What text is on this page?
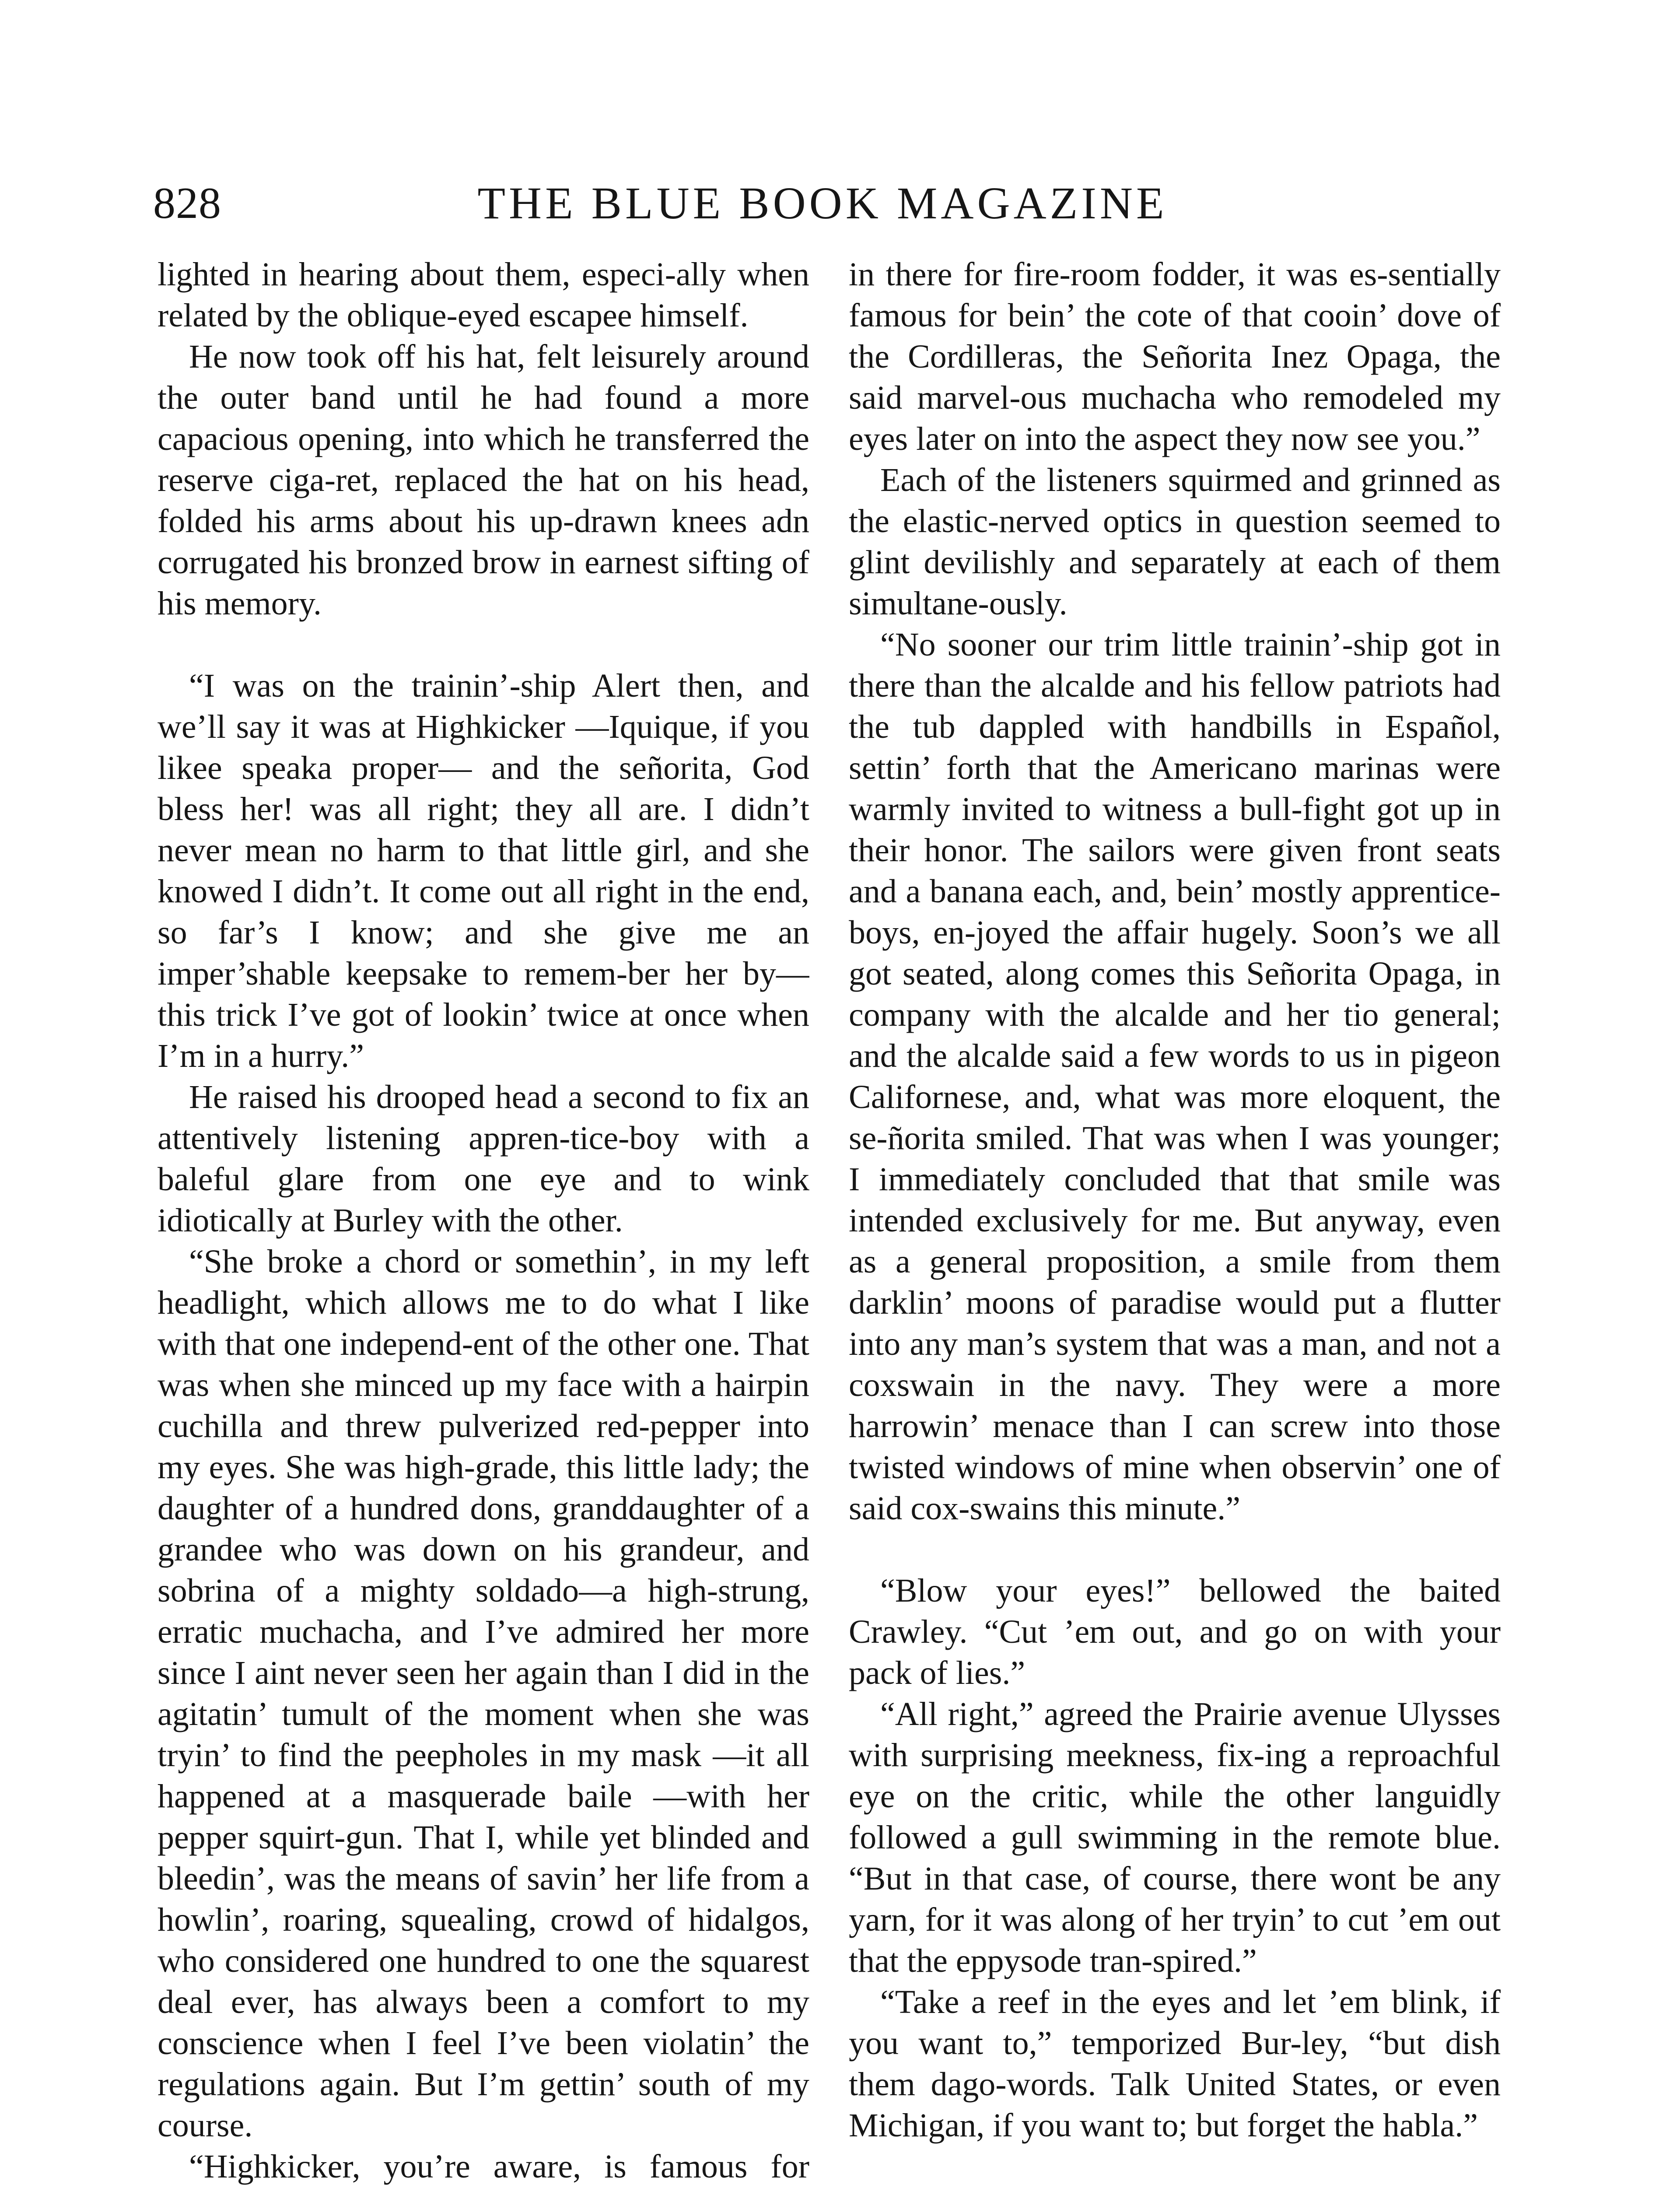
828	THE BLUE BOOK MAGAZINE

lighted in hearing about them, especi-ally when related by the oblique-eyed escapee himself.

He now took off his hat, felt leisurely around the outer band until he had found a more capacious opening, into which he transferred the reserve ciga-ret, replaced the hat on his head, folded his arms about his up-drawn knees adn corrugated his bronzed brow in earnest sifting of his memory.

“I was on the trainin’-ship Alert then, and we’ll say it was at Highkicker —Iquique, if you likee speaka proper— and the señorita, God bless her! was all right; they all are. I didn’t never mean no harm to that little girl, and she knowed I didn’t. It come out all right in the end, so far’s I know; and she give me an imper’shable keepsake to remem-ber her by—this trick I’ve got of lookin’ twice at once when I’m in a hurry.”

He raised his drooped head a second to fix an attentively listening appren-tice-boy with a baleful glare from one eye and to wink idiotically at Burley with the other.

“She broke a chord or somethin’, in my left headlight, which allows me to do what I like with that one independ-ent of the other one. That was when she minced up my face with a hairpin cuchilla and threw pulverized red-pepper into my eyes. She was high-grade, this little lady; the daughter of a hundred dons, granddaughter of a grandee who was down on his grandeur, and sobrina of a mighty soldado—a high-strung, erratic muchacha, and I’ve admired her more since I aint never seen her again than I did in the agitatin’ tumult of the moment when she was tryin’ to find the peepholes in my mask —it all happened at a masquerade baile —with her pepper squirt-gun. That I, while yet blinded and bleedin’, was the means of savin’ her life from a howlin’, roaring, squealing, crowd of hidalgos, who considered one hundred to one the squarest deal ever, has always been a comfort to my conscience when I feel I’ve been violatin’ the regulations again. But I’m gettin’ south of my course.

“Highkicker, you’re aware, is famous for

in there for fire-room fodder, it was es-sentially famous for bein’ the cote of that cooin’ dove of the Cordilleras, the Señorita Inez Opaga, the said marvel-ous muchacha who remodeled my eyes later on into the aspect they now see you.”

Each of the listeners squirmed and grinned as the elastic-nerved optics in question seemed to glint devilishly and separately at each of them simultane-ously.

“No sooner our trim little trainin’-ship got in there than the alcalde and his fellow patriots had the tub dappled with handbills in Español, settin’ forth that the Americano marinas were warmly invited to witness a bull-fight got up in their honor. The sailors were given front seats and a banana each, and, bein’ mostly apprentice-boys, en-joyed the affair hugely. Soon’s we all got seated, along comes this Señorita Opaga, in company with the alcalde and her tio general; and the alcalde said a few words to us in pigeon Californese, and, what was more eloquent, the se-ñorita smiled. That was when I was younger; I immediately concluded that that smile was intended exclusively for me. But anyway, even as a general proposition, a smile from them darklin’ moons of paradise would put a flutter into any man’s system that was a man, and not a coxswain in the navy. They were a more harrowin’ menace than I can screw into those twisted windows of mine when observin’ one of said cox-swains this minute.”

“Blow your eyes!” bellowed the baited Crawley. “Cut ’em out, and go on with your pack of lies.”

“All right,” agreed the Prairie avenue Ulysses with surprising meekness, fix-ing a reproachful eye on the critic, while the other languidly followed a gull swimming in the remote blue. “But in that case, of course, there wont be any yarn, for it was along of her tryin’ to cut ’em out that the eppysode tran-spired.”

“Take a reef in the eyes and let ’em blink, if you want to,” temporized Bur-ley, “but dish them dago-words. Talk United States, or even Michigan, if you want to; but forget the habla.”
